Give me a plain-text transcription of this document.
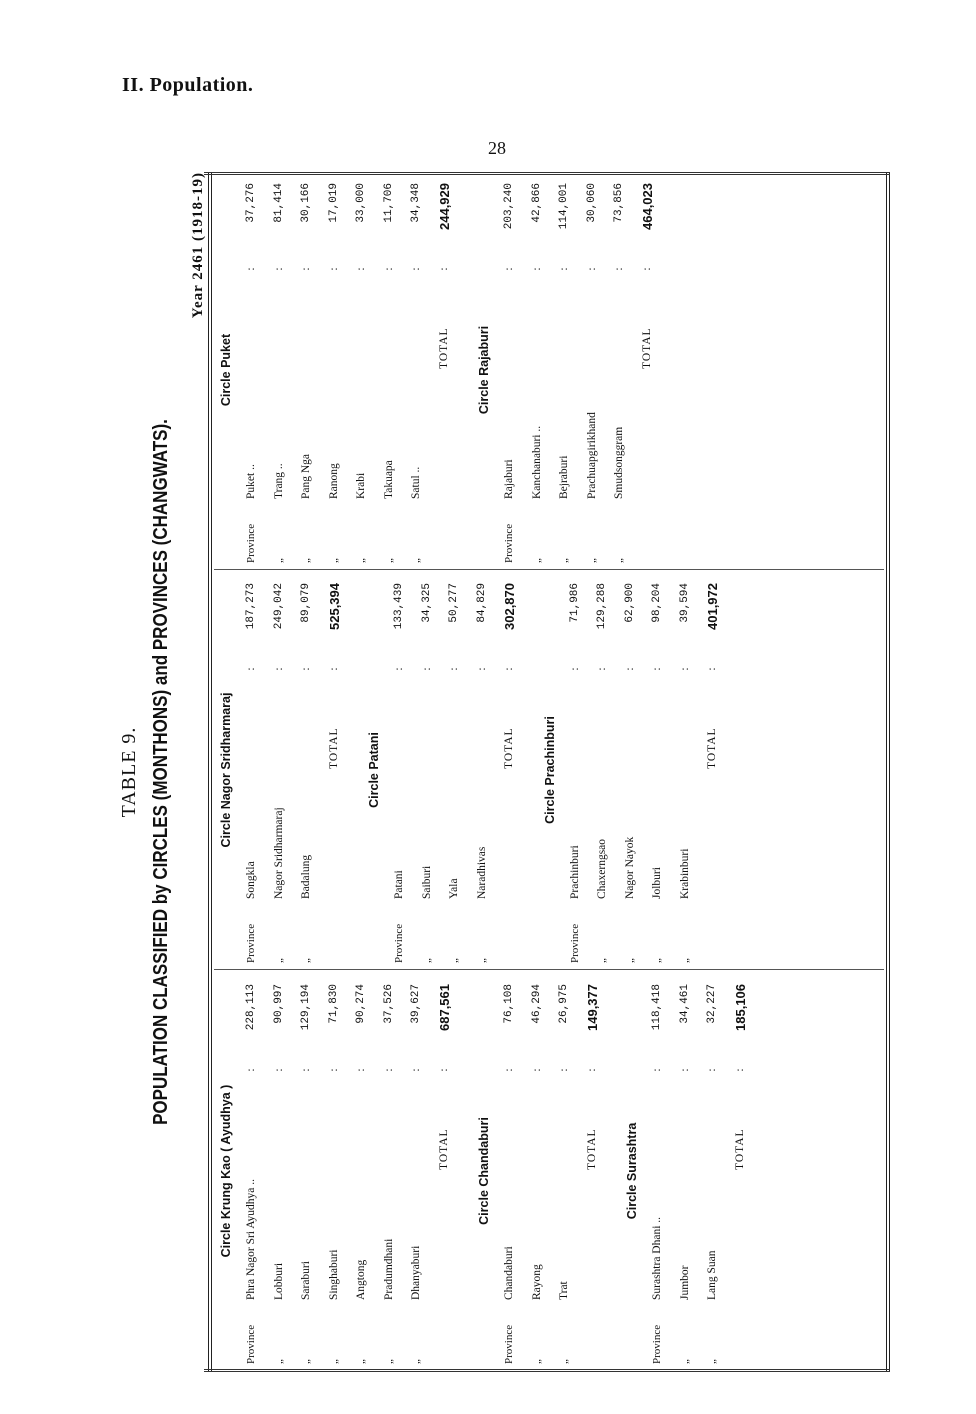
II. Population.
28
TABLE 9. POPULATION CLASSIFIED by CIRCLES (MONTHONS) and PROVINCES (CHANGWATS).
Year 2461 (1918-19)
Circle Krung Kao ( Ayudhya )
Province
Phra Nagor Sri Ayudhya ..
:
228,113
„
Lobburi
:
90,997
„
Saraburi
:
129,194
„
Singhaburi
:
71,830
„
Angtong
:
90,274
„
Pradumdhani
:
37,526
„
Dhanyaburi
:
39,627
TOTAL
:
687,561
Circle Chandaburi
Province
Chandaburi
:
76,108
„
Rayong
:
46,294
„
Trat
:
26,975
TOTAL
:
149,377
Circle Surashtra
Province
Surashtra Dhani ..
:
118,418
„
Jumbor
:
34,461
„
Lang Suan
:
32,227
TOTAL
:
185,106
Circle Nagor Sridharmaraj
Province
Songkla
:
187,273
„
Nagor Sridharmaraj
:
249,042
„
Badalung
:
89,079
TOTAL
:
525,394
Circle Patani
Province
Patani
:
133,439
„
Saiburi
:
34,325
„
Yala
:
50,277
„
Naradhivas
:
84,829
TOTAL
:
302,870
Circle Prachinburi
Province
Prachinburi
:
71,986
„
Chaxerngsao
:
129,288
„
Nagor Nayok
:
62,900
„
Jolburi
:
98,204
„
Krabinburi
:
39,594
TOTAL
:
401,972
Circle Puket
Province
Puket ..
:
37,276
„
Trang ..
:
81,414
„
Pang Nga
:
30,166
„
Ranong
:
17,019
„
Krabi
:
33,000
„
Takuapa
:
11,706
„
Satul ..
:
34,348
TOTAL
:
244,929
Circle Rajaburi
Province
Rajaburi
:
203,240
„
Kanchanaburi ..
:
42,866
„
Bejraburi
:
114,001
„
Prachuapgirikhand
:
30,060
„
Smudsonggram
:
73,856
TOTAL
:
464,023
